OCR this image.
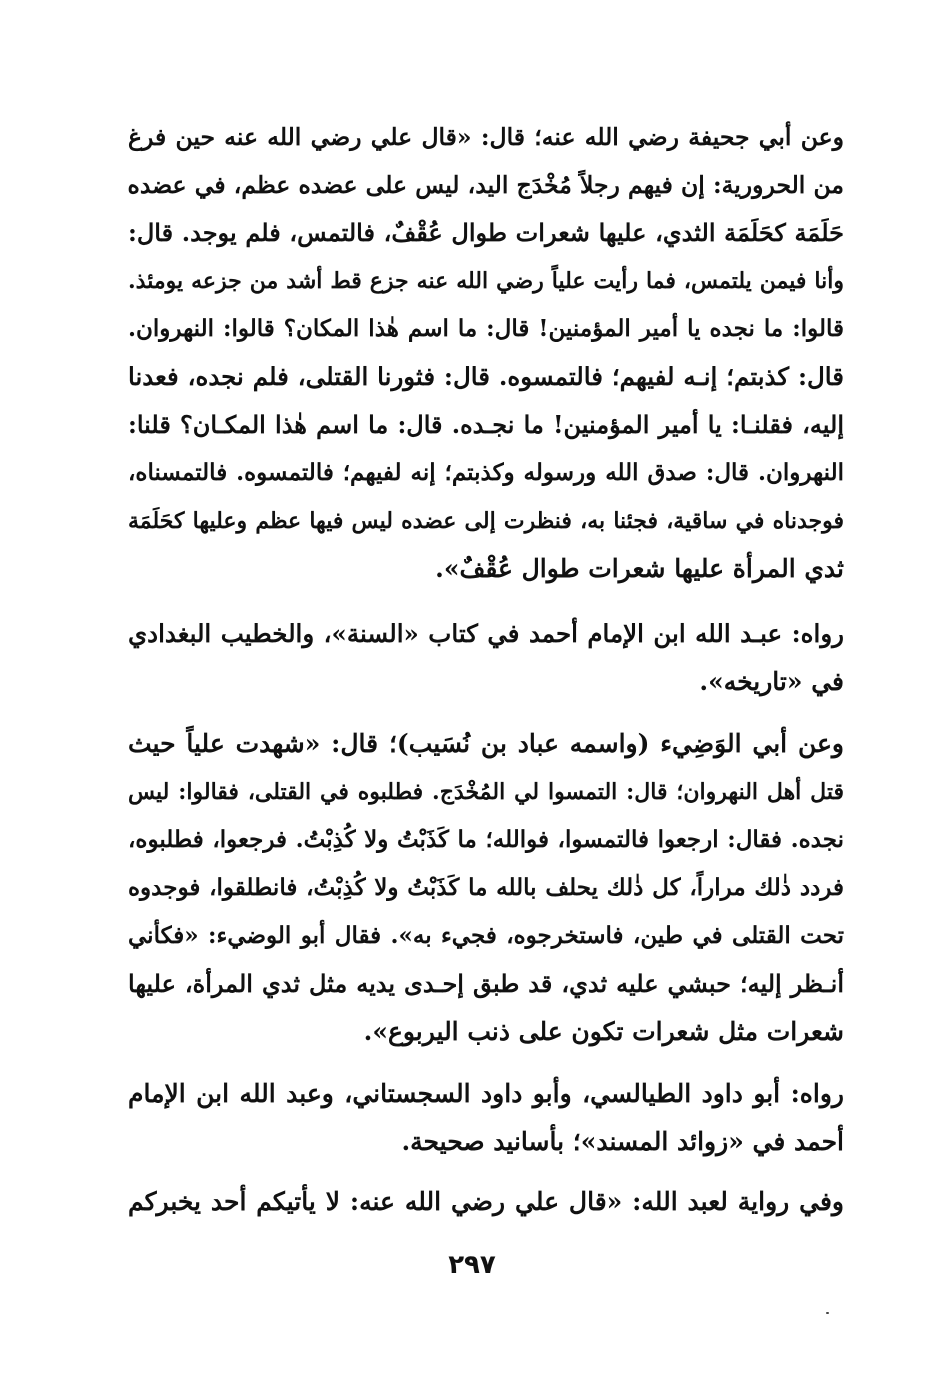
وعن أبي جحيفة رضي الله عنه؛ قال: «قال علي رضي الله عنه حين فرغ
من الحرورية: إن فيهم رجلاً مُخْدَج اليد، ليس على عضده عظم، في عضده
حَلَمَة كحَلَمَة الثدي، عليها شعرات طوال عُقْفٌ، فالتمس، فلم يوجد. قال:
وأنا فيمن يلتمس، فما رأيت علياً رضي الله عنه جزع قط أشد من جزعه يومئذ.
قالوا: ما نجده يا أمير المؤمنين! قال: ما اسم هٰذا المكان؟ قالوا: النهروان.
قال: كذبتم؛ إنـه لفيهم؛ فالتمسوه. قال: فثورنا القتلى، فلم نجده، فعدنا
إليه، فقلنـا: يا أمير المؤمنين! ما نجـده. قال: ما اسم هٰذا المكـان؟ قلنا:
النهروان. قال: صدق الله ورسوله وكذبتم؛ إنه لفيهم؛ فالتمسوه. فالتمسناه،
فوجدناه في ساقية، فجئنا به، فنظرت إلى عضده ليس فيها عظم وعليها كحَلَمَة
ثدي المرأة عليها شعرات طوال عُقْفٌ».
رواه: عبـد الله ابن الإمام أحمد في كتاب «السنة»، والخطيب البغدادي
في «تاريخه».
وعن أبي الوَضِيء (واسمه عباد بن نُسَيب)؛ قال: «شهدت علياً حيث
قتل أهل النهروان؛ قال: التمسوا لي المُخْدَج. فطلبوه في القتلى، فقالوا: ليس
نجده. فقال: ارجعوا فالتمسوا، فوالله؛ ما كَذَبْتُ ولا كُذِبْتُ. فرجعوا، فطلبوه،
فردد ذٰلك مراراً، كل ذٰلك يحلف بالله ما كَذَبْتُ ولا كُذِبْتُ، فانطلقوا، فوجدوه
تحت القتلى في طين، فاستخرجوه، فجيء به». فقال أبو الوضيء: «فكأني
أنـظر إليه؛ حبشي عليه ثدي، قد طبق إحـدى يديه مثل ثدي المرأة، عليها
شعرات مثل شعرات تكون على ذنب اليربوع».
رواه: أبو داود الطيالسي، وأبو داود السجستاني، وعبد الله ابن الإمام
أحمد في «زوائد المسند»؛ بأسانيد صحيحة.
وفي رواية لعبد الله: «قال علي رضي الله عنه: لا يأتيكم أحد يخبركم
٢٩٧
